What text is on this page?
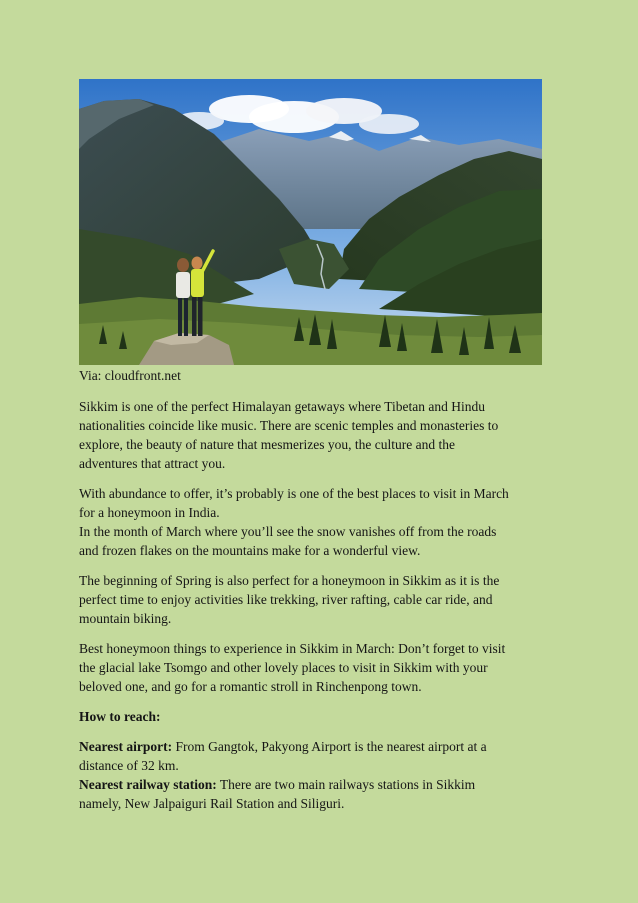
Via: cloudfront.net

Sikkim is one of the perfect Himalayan getaways where Tibetan and Hindu
nationalities coincide like music. There are scenic temples and monasteries to
explore, the beauty of nature that mesmerizes you, the culture and the
adventures that attract you.

With abundance to offer, it’s probably is one of the best places to visit in March
for a honeymoon in India.
In the month of March where you’ll see the snow vanishes off from the roads
and frozen flakes on the mountains make for a wonderful view.

The beginning of Spring is also perfect for a honeymoon in Sikkim as it is the
perfect time to enjoy activities like trekking, river rafting, cable car ride, and
mountain biking.

Best honeymoon things to experience in Sikkim in March: Don’t forget to visit
the glacial lake Tsomgo and other lovely places to visit in Sikkim with your
beloved one, and go for a romantic stroll in Rinchenpong town.

How to reach:

Nearest airport: From Gangtok, Pakyong Airport is the nearest airport at a
distance of 32 km.
Nearest railway station: There are two main railways stations in Sikkim
namely, New Jalpaiguri Rail Station and Siliguri.
